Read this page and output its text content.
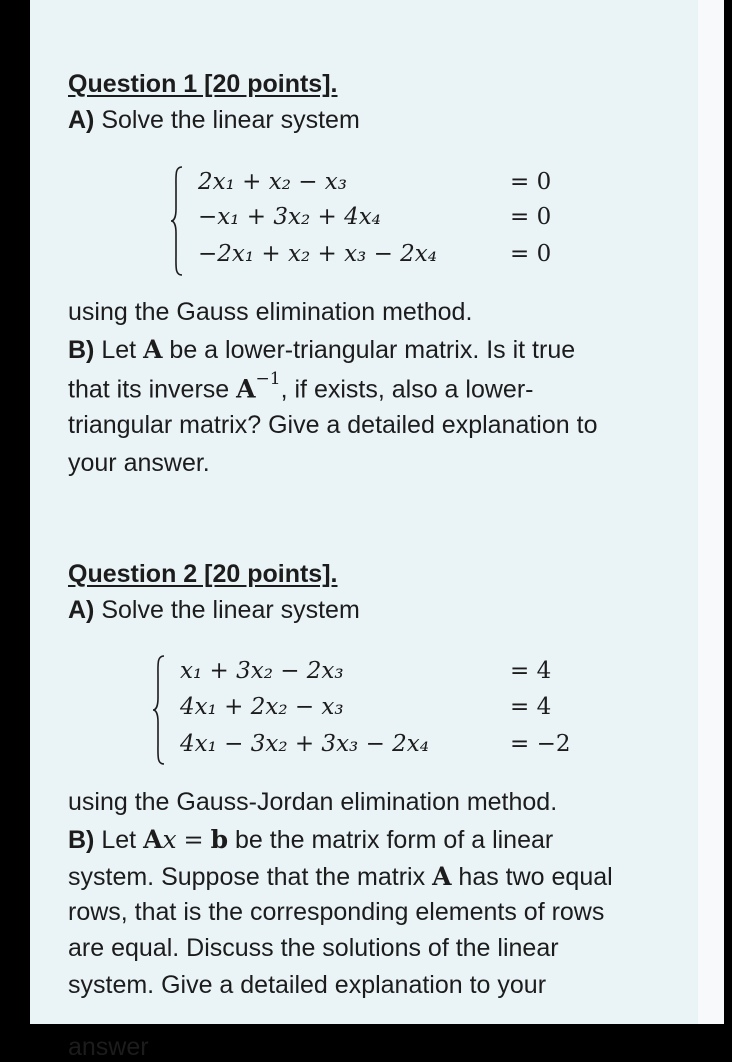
Question 1 [20 points].

A) Solve the linear system

2x₁ + x₂ − x₃	= 0
−x₁ + 3x₂ + 4x₄	= 0
−2x₁ + x₂ + x₃ − 2x₄	= 0

using the Gauss elimination method.

B) Let A be a lower-triangular matrix. Is it true

that its inverse $A^{-1}$, if exists, also a lower-

triangular matrix? Give a detailed explanation to

your answer.

Question 2 [20 points].

A) Solve the linear system

x₁ + 3x₂ − 2x₃	= 4
4x₁ + 2x₂ − x₃	= 4
4x₁ − 3x₂ + 3x₃ − 2x₄	= −2

using the Gauss-Jordan elimination method.

B) Let Ax = b be the matrix form of a linear

system. Suppose that the matrix A has two equal

rows, that is the corresponding elements of rows

are equal. Discuss the solutions of the linear

system. Give a detailed explanation to your

answer
